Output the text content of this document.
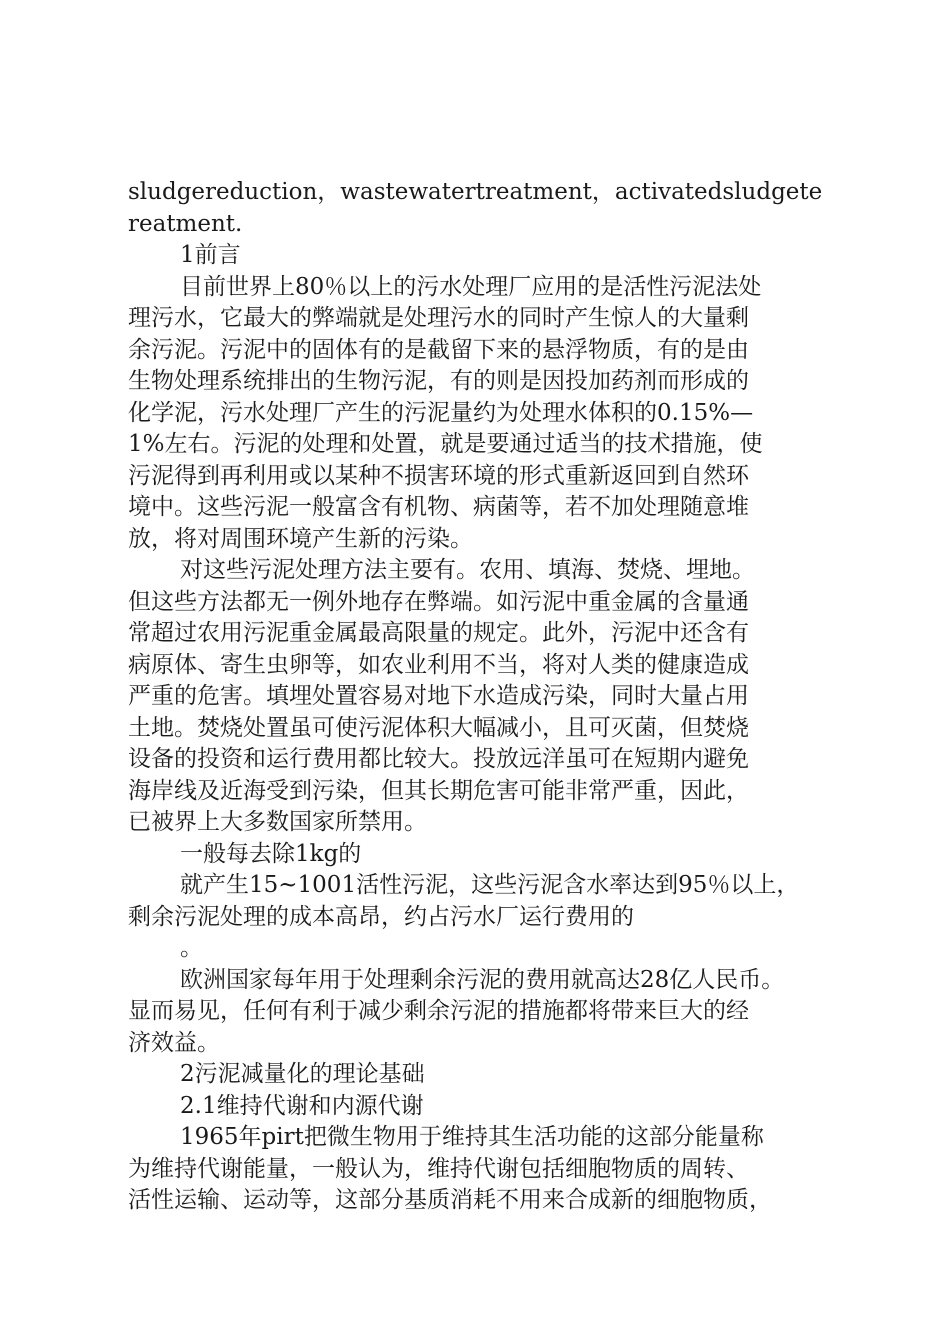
sludgereduction，wastewatertreatment，activatedsludgete
reatment.
1前言
目前世界上80％以上的污水处理厂应用的是活性污泥法处
理污水，它最大的弊端就是处理污水的同时产生惊人的大量剩
余污泥。污泥中的固体有的是截留下来的悬浮物质，有的是由
生物处理系统排出的生物污泥，有的则是因投加药剂而形成的
化学泥，污水处理厂产生的污泥量约为处理水体积的0.15%—
1%左右。污泥的处理和处置，就是要通过适当的技术措施，使
污泥得到再利用或以某种不损害环境的形式重新返回到自然环
境中。这些污泥一般富含有机物、病菌等，若不加处理随意堆
放，将对周围环境产生新的污染。
对这些污泥处理方法主要有。农用、填海、焚烧、埋地。
但这些方法都无一例外地存在弊端。如污泥中重金属的含量通
常超过农用污泥重金属最高限量的规定。此外，污泥中还含有
病原体、寄生虫卵等，如农业利用不当，将对人类的健康造成
严重的危害。填埋处置容易对地下水造成污染，同时大量占用
土地。焚烧处置虽可使污泥体积大幅减小，且可灭菌，但焚烧
设备的投资和运行费用都比较大。投放远洋虽可在短期内避免
海岸线及近海受到污染，但其长期危害可能非常严重，因此，
已被界上大多数国家所禁用。
一般每去除1kg的
就产生15~1001活性污泥，这些污泥含水率达到95％以上，
剩余污泥处理的成本高昂，约占污水厂运行费用的
。
欧洲国家每年用于处理剩余污泥的费用就高达28亿人民币。
显而易见，任何有利于减少剩余污泥的措施都将带来巨大的经
济效益。
2污泥减量化的理论基础
2.1维持代谢和内源代谢
1965年pirt把微生物用于维持其生活功能的这部分能量称
为维持代谢能量，一般认为，维持代谢包括细胞物质的周转、
活性运输、运动等，这部分基质消耗不用来合成新的细胞物质，
